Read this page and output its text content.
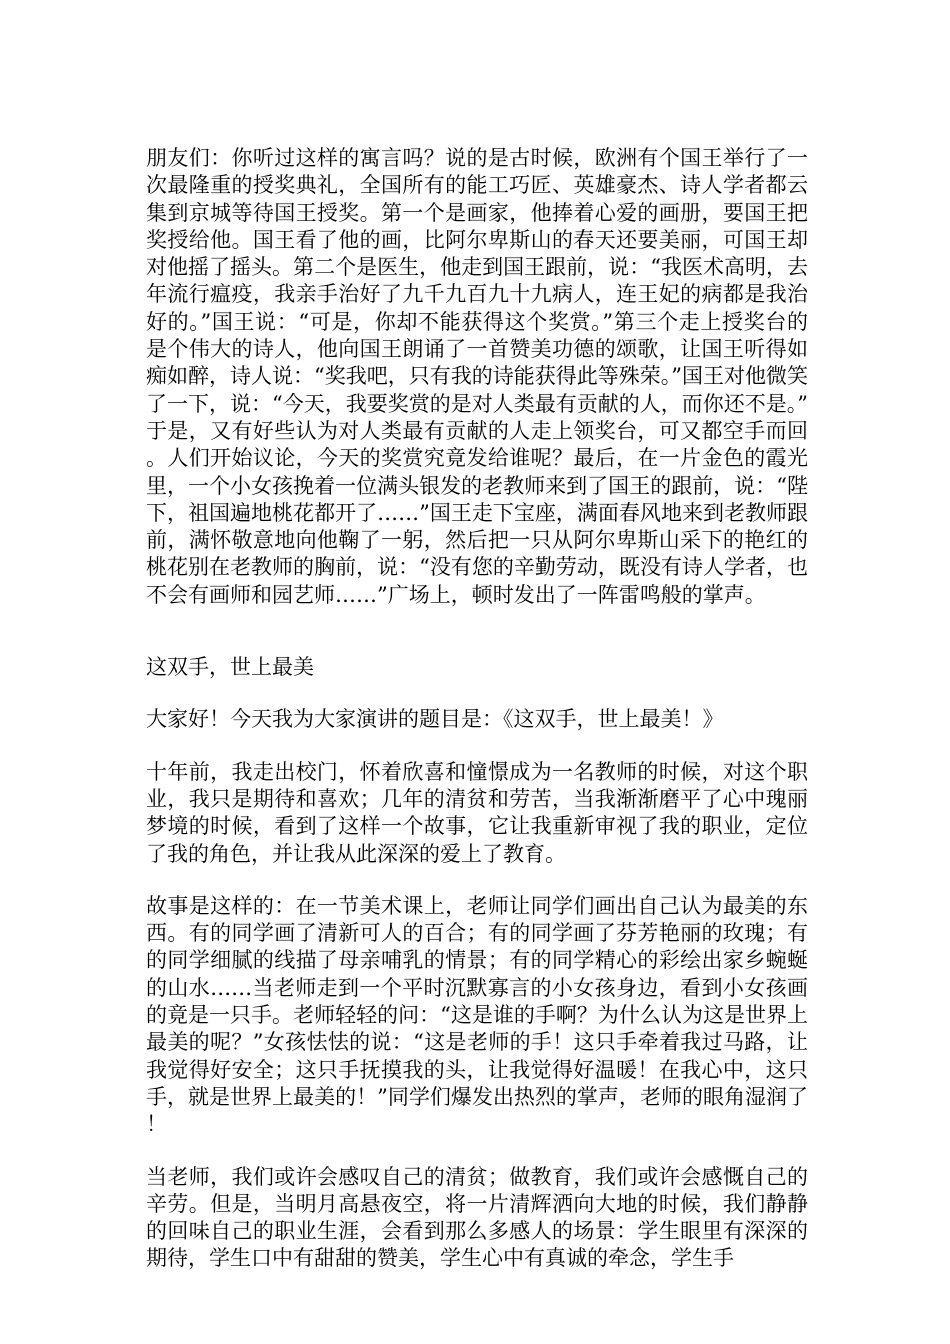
朋友们：你听过这样的寓言吗？说的是古时候，欧洲有个国王举行了一次最隆重的授奖典礼，全国所有的能工巧匠、英雄豪杰、诗人学者都云集到京城等待国王授奖。第一个是画家，他捧着心爱的画册，要国王把奖授给他。国王看了他的画，比阿尔卑斯山的春天还要美丽，可国王却对他摇了摇头。第二个是医生，他走到国王跟前，说：“我医术高明，去年流行瘟疫，我亲手治好了九千九百九十九病人，连王妃的病都是我治好的。”国王说：“可是，你却不能获得这个奖赏。”第三个走上授奖台的是个伟大的诗人，他向国王朗诵了一首赞美功德的颂歌，让国王听得如痴如醉，诗人说：“奖我吧，只有我的诗能获得此等殊荣。”国王对他微笑了一下，说：“今天，我要奖赏的是对人类最有贡献的人，而你还不是。”于是，又有好些认为对人类最有贡献的人走上领奖台，可又都空手而回。人们开始议论，今天的奖赏究竟发给谁呢？最后，在一片金色的霞光里，一个小女孩挽着一位满头银发的老教师来到了国王的跟前，说：“陛下，祖国遍地桃花都开了……”国王走下宝座，满面春风地来到老教师跟前，满怀敬意地向他鞠了一躬，然后把一只从阿尔卑斯山采下的艳红的桃花别在老教师的胸前，说：“没有您的辛勤劳动，既没有诗人学者，也不会有画师和园艺师……”广场上，顿时发出了一阵雷鸣般的掌声。

这双手，世上最美

大家好！今天我为大家演讲的题目是：《这双手，世上最美！》

十年前，我走出校门，怀着欣喜和憧憬成为一名教师的时候，对这个职业，我只是期待和喜欢；几年的清贫和劳苦，当我渐渐磨平了心中瑰丽梦境的时候，看到了这样一个故事，它让我重新审视了我的职业，定位了我的角色，并让我从此深深的爱上了教育。

故事是这样的：在一节美术课上，老师让同学们画出自己认为最美的东西。有的同学画了清新可人的百合；有的同学画了芬芳艳丽的玫瑰；有的同学细腻的线描了母亲哺乳的情景；有的同学精心的彩绘出家乡蜿蜒的山水……当老师走到一个平时沉默寡言的小女孩身边，看到小女孩画的竟是一只手。老师轻轻的问：“这是谁的手啊？为什么认为这是世界上最美的呢？”女孩怯怯的说：“这是老师的手！这只手牵着我过马路，让我觉得好安全；这只手抚摸我的头，让我觉得好温暖！在我心中，这只手，就是世界上最美的！”同学们爆发出热烈的掌声，老师的眼角湿润了！

当老师，我们或许会感叹自己的清贫；做教育，我们或许会感慨自己的辛劳。但是，当明月高悬夜空，将一片清辉洒向大地的时候，我们静静的回味自己的职业生涯，会看到那么多感人的场景：学生眼里有深深的期待，学生口中有甜甜的赞美，学生心中有真诚的牵念，学生手
